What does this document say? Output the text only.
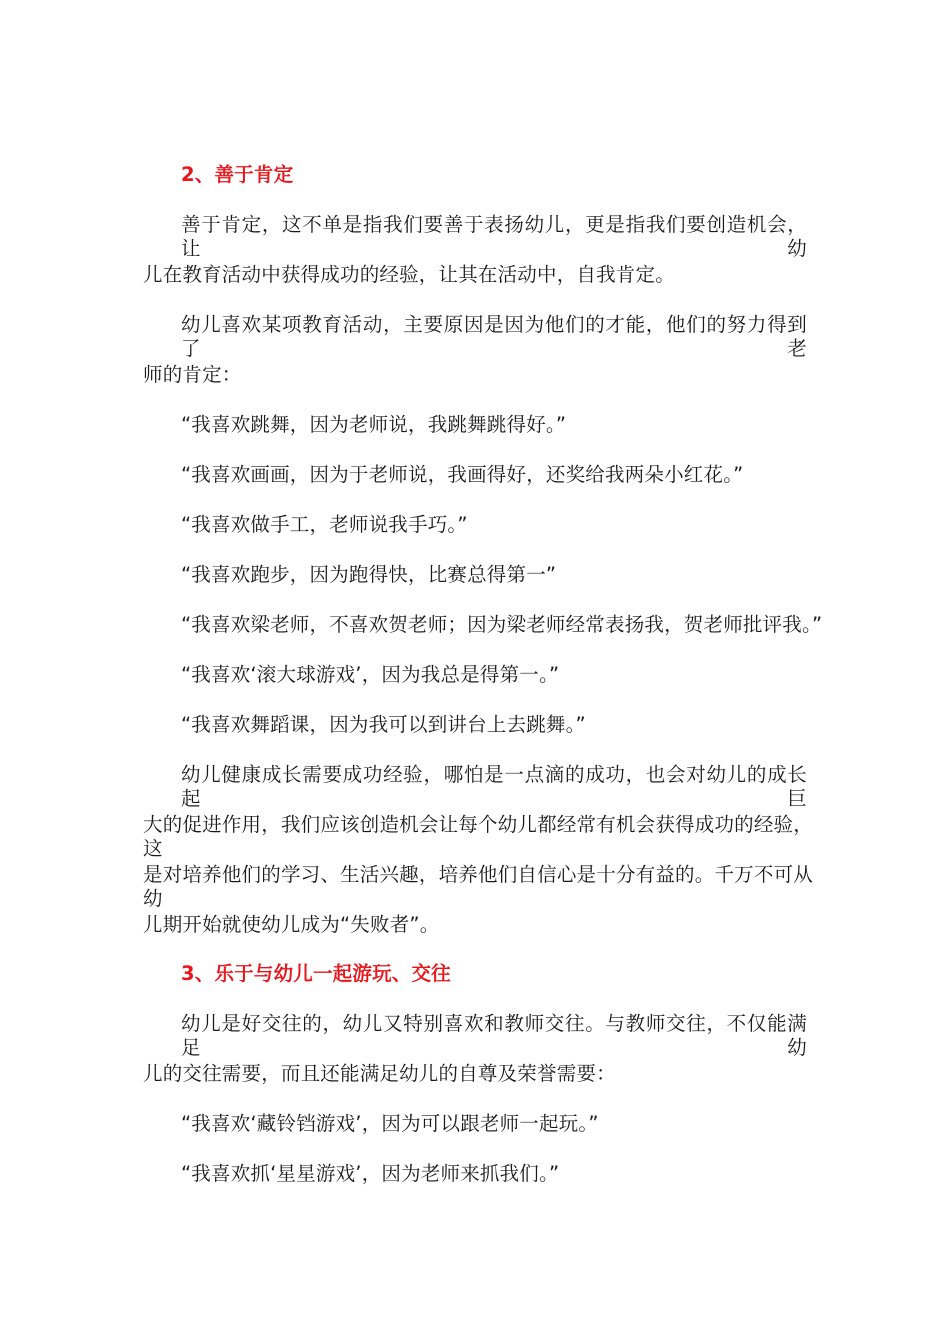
2、善于肯定
善于肯定，这不单是指我们要善于表扬幼儿，更是指我们要创造机会，让幼
儿在教育活动中获得成功的经验，让其在活动中，自我肯定。
幼儿喜欢某项教育活动，主要原因是因为他们的才能，他们的努力得到了老
师的肯定：
“我喜欢跳舞，因为老师说，我跳舞跳得好。”
“我喜欢画画，因为于老师说，我画得好，还奖给我两朵小红花。”
“我喜欢做手工，老师说我手巧。”
“我喜欢跑步，因为跑得快，比赛总得第一”
“我喜欢梁老师，不喜欢贺老师；因为梁老师经常表扬我，贺老师批评我。”
“我喜欢‘滚大球游戏’，因为我总是得第一。”
“我喜欢舞蹈课，因为我可以到讲台上去跳舞。”
幼儿健康成长需要成功经验，哪怕是一点滴的成功，也会对幼儿的成长起巨
大的促进作用，我们应该创造机会让每个幼儿都经常有机会获得成功的经验，这
是对培养他们的学习、生活兴趣，培养他们自信心是十分有益的。千万不可从幼
儿期开始就使幼儿成为“失败者”。
3、乐于与幼儿一起游玩、交往
幼儿是好交往的，幼儿又特别喜欢和教师交往。与教师交往，不仅能满足幼
儿的交往需要，而且还能满足幼儿的自尊及荣誉需要：
“我喜欢‘藏铃铛游戏’，因为可以跟老师一起玩。”
“我喜欢抓‘星星游戏’，因为老师来抓我们。”
